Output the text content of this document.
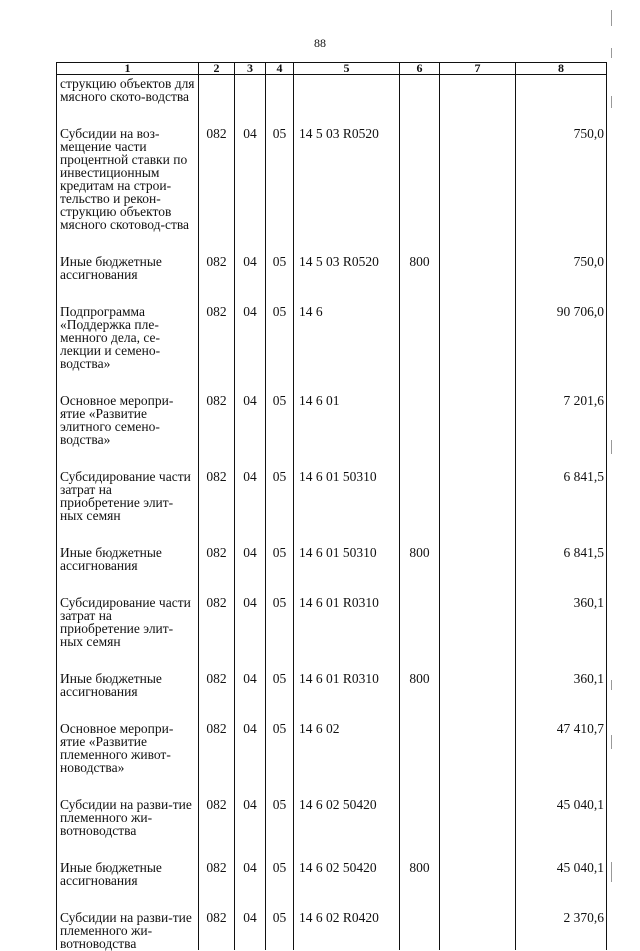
88
1	2	3	4	5	6	7	8
струкцию объектов для мясного ското-водства							
Субсидии на воз-мещение части процентной ставки по инвестиционным кредитам на строи-тельство и рекон-струкцию объектов мясного скотовод-ства	082	04	05	14 5 03 R0520			750,0
Иные бюджетные ассигнования	082	04	05	14 5 03 R0520	800		750,0
Подпрограмма «Поддержка пле-менного дела, се-лекции и семено-водства»	082	04	05	14 6			90 706,0
Основное меропри-ятие «Развитие элитного семено-водства»	082	04	05	14 6 01			7 201,6
Субсидирование части затрат на приобретение элит-ных семян	082	04	05	14 6 01 50310			6 841,5
Иные бюджетные ассигнования	082	04	05	14 6 01 50310	800		6 841,5
Субсидирование части затрат на приобретение элит-ных семян	082	04	05	14 6 01 R0310			360,1
Иные бюджетные ассигнования	082	04	05	14 6 01 R0310	800		360,1
Основное меропри-ятие «Развитие племенного живот-новодства»	082	04	05	14 6 02			47 410,7
Субсидии на разви-тие племенного жи-вотноводства	082	04	05	14 6 02 50420			45 040,1
Иные бюджетные ассигнования	082	04	05	14 6 02 50420	800		45 040,1
Субсидии на разви-тие племенного жи-вотноводства	082	04	05	14 6 02 R0420			2 370,6
